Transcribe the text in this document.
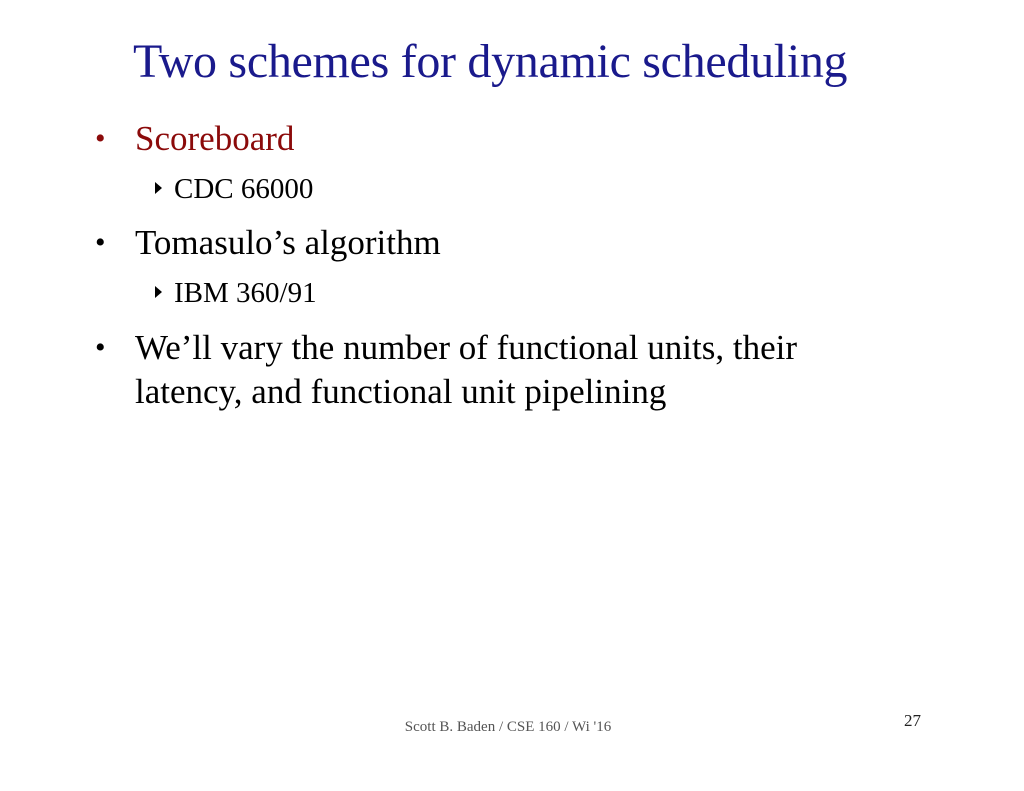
Two schemes for dynamic scheduling
• Scoreboard
CDC 66000
• Tomasulo’s algorithm
IBM 360/91
• We’ll vary the number of functional units, their latency, and functional unit pipelining
Scott B. Baden / CSE 160 / Wi '16	27
